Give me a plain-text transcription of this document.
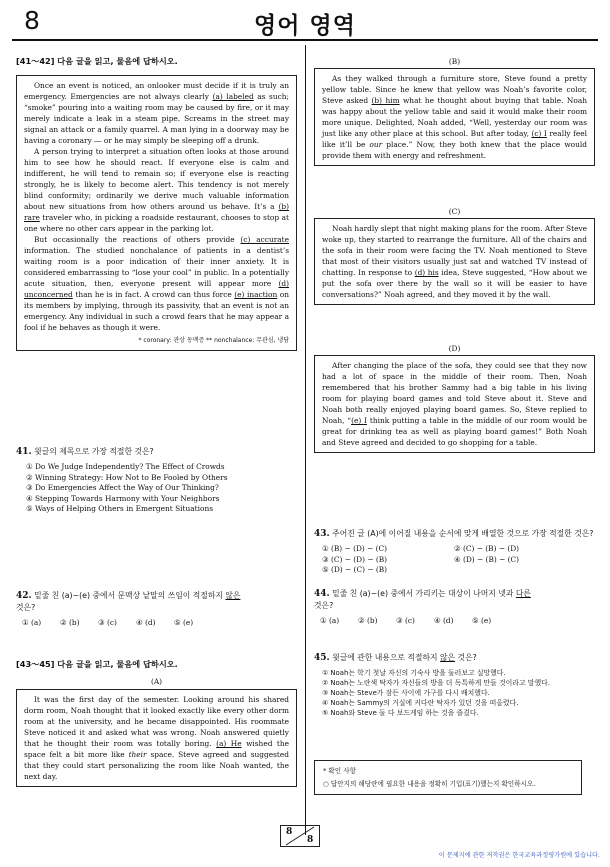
8	영어 영역
[41～42] 다음 글을 읽고, 물음에 답하시오.

Once an event is noticed, an onlooker must decide if it is truly an emergency. Emergencies are not always clearly (a) labeled as such; “smoke” pouring into a waiting room may be caused by fire, or it may merely indicate a leak in a steam pipe. Screams in the street may signal an attack or a family quarrel. A man lying in a doorway may be having a coronary ― or he may simply be sleeping off a drunk.

A person trying to interpret a situation often looks at those around him to see how he should react. If everyone else is calm and indifferent, he will tend to remain so; if everyone else is reacting strongly, he is likely to become alert. This tendency is not merely blind conformity; ordinarily we derive much valuable information about new situations from how others around us behave. It’s a (b) rare traveler who, in picking a roadside restaurant, chooses to stop at one where no other cars appear in the parking lot.

But occasionally the reactions of others provide (c) accurate information. The studied nonchalance of patients in a dentist’s waiting room is a poor indication of their inner anxiety. It is considered embarrassing to “lose your cool” in public. In a potentially acute situation, then, everyone present will appear more (d) unconcerned than he is in fact. A crowd can thus force (e) inaction on its members by implying, through its passivity, that an event is not an emergency. Any individual in such a crowd fears that he may appear a fool if he behaves as though it were.

* coronary: 관상 동맥증 ** nonchalance: 무관심, 냉담
41. 윗글의 제목으로 가장 적절한 것은?
① Do We Judge Independently? The Effect of Crowds
② Winning Strategy: How Not to Be Fooled by Others
③ Do Emergencies Affect the Way of Our Thinking?
④ Stepping Towards Harmony with Your Neighbors
⑤ Ways of Helping Others in Emergent Situations
42. 밑줄 친 (a)~(e) 중에서 문맥상 낱말의 쓰임이 적절하지 않은
것은?
① (a)	② (b)	③ (c)	④ (d)	⑤ (e)
[43～45] 다음 글을 읽고, 물음에 답하시오.
(A)

It was the first day of the semester. Looking around his shared dorm room, Noah thought that it looked exactly like every other dorm room at the university, and he became disappointed. His roommate Steve noticed it and asked what was wrong. Noah answered quietly that he thought their room was totally boring. (a) He wished the space felt a bit more like their space. Steve agreed and suggested that they could start personalizing the room like Noah wanted, the next day.

(B)

As they walked through a furniture store, Steve found a pretty yellow table. Since he knew that yellow was Noah’s favorite color, Steve asked (b) him what he thought about buying that table. Noah was happy about the yellow table and said it would make their room more unique. Delighted, Noah added, “Well, yesterday our room was just like any other place at this school. But after today, (c) I really feel like it’ll be our place.” Now, they both knew that the place would provide them with energy and refreshment.

(C)

Noah hardly slept that night making plans for the room. After Steve woke up, they started to rearrange the furniture. All of the chairs and the sofa in their room were facing the TV. Noah mentioned to Steve that most of their visitors usually just sat and watched TV instead of chatting. In response to (d) his idea, Steve suggested, “How about we put the sofa over there by the wall so it will be easier to have conversations?” Noah agreed, and they moved it by the wall.

(D)

After changing the place of the sofa, they could see that they now had a lot of space in the middle of their room. Then, Noah remembered that his brother Sammy had a big table in his living room for playing board games and told Steve about it. Steve and Noah both really enjoyed playing board games. So, Steve replied to Noah, “(e) I think putting a table in the middle of our room would be great for drinking tea as well as playing board games!” Both Noah and Steve agreed and decided to go shopping for a table.

43. 주어진 글 (A)에 이어질 내용을 순서에 맞게 배열한 것으로 가장 적절한 것은?
① (B) − (D) − (C)	② (C) − (B) − (D)
③ (C) − (D) − (B)	④ (D) − (B) − (C)
⑤ (D) − (C) − (B)
44. 밑줄 친 (a)~(e) 중에서 가리키는 대상이 나머지 넷과 다른
것은?
① (a)	② (b)	③ (c)	④ (d)	⑤ (e)
45. 윗글에 관한 내용으로 적절하지 않은 것은?
① Noah는 학기 첫날 자신의 기숙사 방을 둘러보고 실망했다.
② Noah는 노란색 탁자가 자신들의 방을 더 독특하게 만들 것이라고 말했다.
③ Noah는 Steve가 잠든 사이에 가구를 다시 배치했다.
④ Noah는 Sammy의 거실에 커다란 탁자가 있던 것을 떠올렸다.
⑤ Noah와 Steve 둘 다 보드게임 하는 것을 즐겼다.
* 확인 사항
○ 답안지의 해당란에 필요한 내용을 정확히 기입(표기)했는지 확인하시오.
8
8
이 문제지에 관한 저작권은 한국교육과정평가원에 있습니다.
